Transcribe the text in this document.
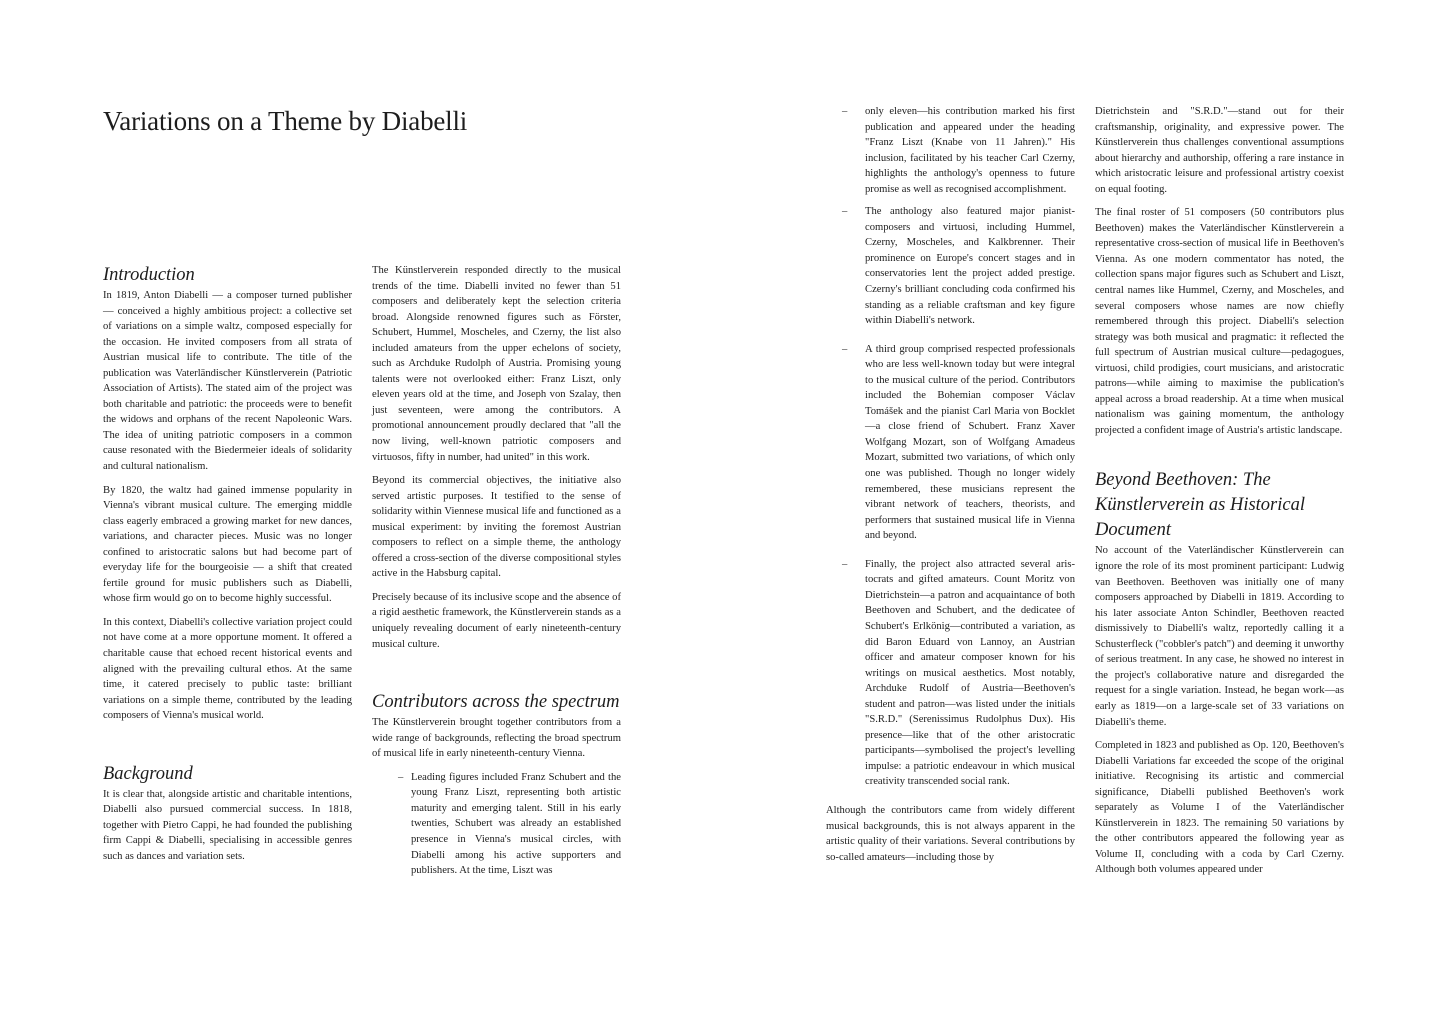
Variations on a Theme by Diabelli
Introduction

In 1819, Anton Diabelli — a composer turned publisher — conceived a highly ambitious project: a collective set of variations on a simple waltz, composed especially for the occasion. He invited composers from all strata of Austrian musical life to contribute. The title of the publication was Vaterländischer Künstlerverein (Patriotic Association of Artists). The stated aim of the project was both charitable and patriotic: the proceeds were to benefit the widows and orphans of the recent Napoleonic Wars. The idea of uniting patriotic composers in a common cause resonated with the Biedermeier ideals of solidarity and cultural nationalism.

By 1820, the waltz had gained immense popularity in Vienna's vibrant musical culture. The emerging middle class eagerly embraced a growing market for new dances, variations, and character pieces. Music was no longer confined to aristocratic salons but had become part of everyday life for the bourgeoisie — a shift that created fertile ground for music publishers such as Diabelli, whose firm would go on to become highly successful.

In this context, Diabelli's collective variation project could not have come at a more opportune moment. It offered a charitable cause that echoed recent historical events and aligned with the prevailing cultural ethos. At the same time, it catered precisely to public taste: brilliant variations on a simple theme, contributed by the leading composers of Vienna's musical world.

Background

It is clear that, alongside artistic and charitable intentions, Diabelli also pursued commercial success. In 1818, together with Pietro Cappi, he had founded the publishing firm Cappi & Diabelli, specialising in accessible genres such as dances and variation sets.

The Künstlerverein responded directly to the musical trends of the time. Diabelli invited no fewer than 51 composers and deliberately kept the selection criteria broad. Alongside renowned figures such as Förster, Schubert, Hummel, Moscheles, and Czerny, the list also included amateurs from the upper echelons of society, such as Archduke Rudolph of Austria. Promising young talents were not overlooked either: Franz Liszt, only eleven years old at the time, and Joseph von Szalay, then just seventeen, were among the contributors. A promotional announcement proudly declared that "all the now living, well-known patriotic composers and virtuosos, fifty in number, had united" in this work.

Beyond its commercial objectives, the initiative also served artistic purposes. It testified to the sense of solidarity within Viennese musical life and functioned as a musical experiment: by inviting the foremost Austrian composers to reflect on a simple theme, the anthology offered a cross-section of the diverse compositional styles active in the Habsburg capital.

Precisely because of its inclusive scope and the absence of a rigid aesthetic framework, the Künstlerverein stands as a uniquely revealing document of early nineteenth-century musical culture.

Contributors across the spectrum

The Künstlerverein brought together contributors from a wide range of backgrounds, reflecting the broad spectrum of musical life in early nineteenth-century Vienna.

– Leading figures included Franz Schubert and the young Franz Liszt, representing both artistic maturity and emerging talent. Still in his early twenties, Schubert was already an established presence in Vienna's musical circles, with Diabelli among his active supporters and publishers. At the time, Liszt was
– only eleven—his contribution marked his first publication and appeared under the heading "Franz Liszt (Knabe von 11 Jahren)." His inclusion, facilitated by his teacher Carl Czerny, highlights the anthology's openness to future promise as well as recognised accomplishment.
– The anthology also featured major pianist-composers and virtuosi, including Hummel, Czerny, Moscheles, and Kalkbrenner. Their prominence on Europe's concert stages and in conservatories lent the project added prestige. Czerny's brilliant concluding coda confirmed his standing as a reliable craftsman and key figure within Diabelli's network.
– A third group comprised respected professionals who are less well-known today but were integral to the musical culture of the period. Contributors included the Bohemian composer Václav Tomášek and the pianist Carl Maria von Bocklet—a close friend of Schubert. Franz Xaver Wolfgang Mozart, son of Wolfgang Amadeus Mozart, submitted two variations, of which only one was published. Though no longer widely remembered, these musicians represent the vibrant network of teachers, theorists, and performers that sustained musical life in Vienna and beyond.
– Finally, the project also attracted several aristocrats and gifted amateurs. Count Moritz von Dietrichstein—a patron and acquaintance of both Beethoven and Schubert, and the dedicatee of Schubert's Erlkönig—contributed a variation, as did Baron Eduard von Lannoy, an Austrian officer and amateur composer known for his writings on musical aesthetics. Most notably, Archduke Rudolf of Austria—Beethoven's student and patron—was listed under the initials "S.R.D." (Serenissimus Rudolphus Dux). His presence—like that of the other aristocratic participants—symbolised the project's levelling impulse: a patriotic endeavour in which musical creativity transcended social rank.

Although the contributors came from widely different musical backgrounds, this is not always apparent in the artistic quality of their variations. Several contributions by so-called amateurs—including those by

Dietrichstein and "S.R.D."—stand out for their craftsmanship, originality, and expressive power. The Künstlerverein thus challenges conventional assumptions about hierarchy and authorship, offering a rare instance in which aristocratic leisure and professional artistry coexist on equal footing.

The final roster of 51 composers (50 contributors plus Beethoven) makes the Vaterländischer Künstlerverein a representative cross-section of musical life in Beethoven's Vienna. As one modern commentator has noted, the collection spans major figures such as Schubert and Liszt, central names like Hummel, Czerny, and Moscheles, and several composers whose names are now chiefly remembered through this project. Diabelli's selection strategy was both musical and pragmatic: it reflected the full spectrum of Austrian musical culture—pedagogues, virtuosi, child prodigies, court musicians, and aristocratic patrons—while aiming to maximise the publication's appeal across a broad readership. At a time when musical nationalism was gaining momentum, the anthology projected a confident image of Austria's artistic landscape.

Beyond Beethoven: The Künstlerverein as Historical Document

No account of the Vaterländischer Künstlerverein can ignore the role of its most prominent participant: Ludwig van Beethoven. Beethoven was initially one of many composers approached by Diabelli in 1819. According to his later associate Anton Schindler, Beethoven reacted dismissively to Diabelli's waltz, reportedly calling it a Schusterfleck ("cobbler's patch") and deeming it unworthy of serious treatment. In any case, he showed no interest in the project's collaborative nature and disregarded the request for a single variation. Instead, he began work—as early as 1819—on a large-scale set of 33 variations on Diabelli's theme.

Completed in 1823 and published as Op. 120, Beethoven's Diabelli Variations far exceeded the scope of the original initiative. Recognising its artistic and commercial significance, Diabelli published Beethoven's work separately as Volume I of the Vaterländischer Künstlerverein in 1823. The remaining 50 variations by the other contributors appeared the following year as Volume II, concluding with a coda by Carl Czerny. Although both volumes appeared under
